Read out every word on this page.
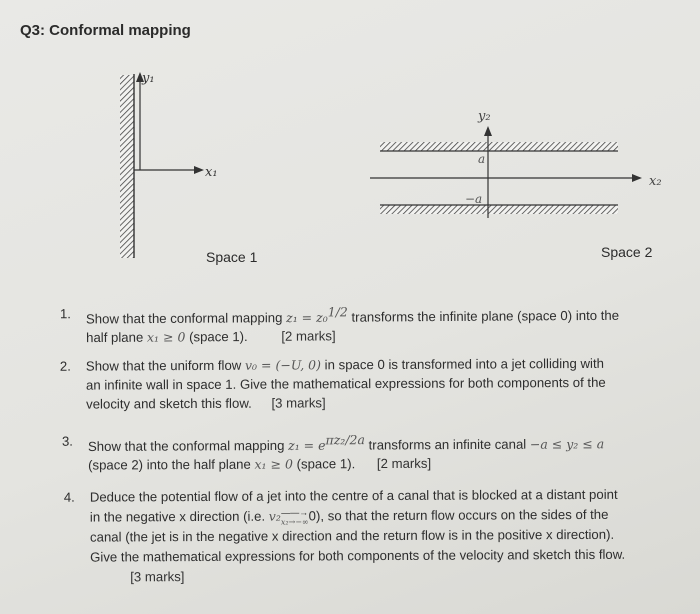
Q3: Conformal mapping
y₁
x₁
y₂
x₂
a
−a
Space 1	Space 2
1. Show that the conformal mapping z₁ = z₀$^{1/2}$ transforms the infinite plane (space 0) into the
half plane x₁ ≥ 0 (space 1).	[2 marks]
2. Show that the uniform flow v₀ = (−U, 0) in space 0 is transformed into a jet colliding with
an infinite wall in space 1. Give the mathematical expressions for both components of the
velocity and sketch this flow. [3 marks]
3. Show that the conformal mapping $z_1 = e^{\pi z_2/2a}$ transforms an infinite canal −a ≤ y₂ ≤ a
(space 2) into the half plane x₁ ≥ 0 (space 1). [2 marks]
4. Deduce the potential flow of a jet into the centre of a canal that is blocked at a distant point
in the negative x direction (i.e. v₂——→
x₂→−∞0), so that the return flow occurs on the sides of the
canal (the jet is in the negative x direction and the return flow is in the positive x direction).
Give the mathematical expressions for both components of the velocity and sketch this flow.
[3 marks]
